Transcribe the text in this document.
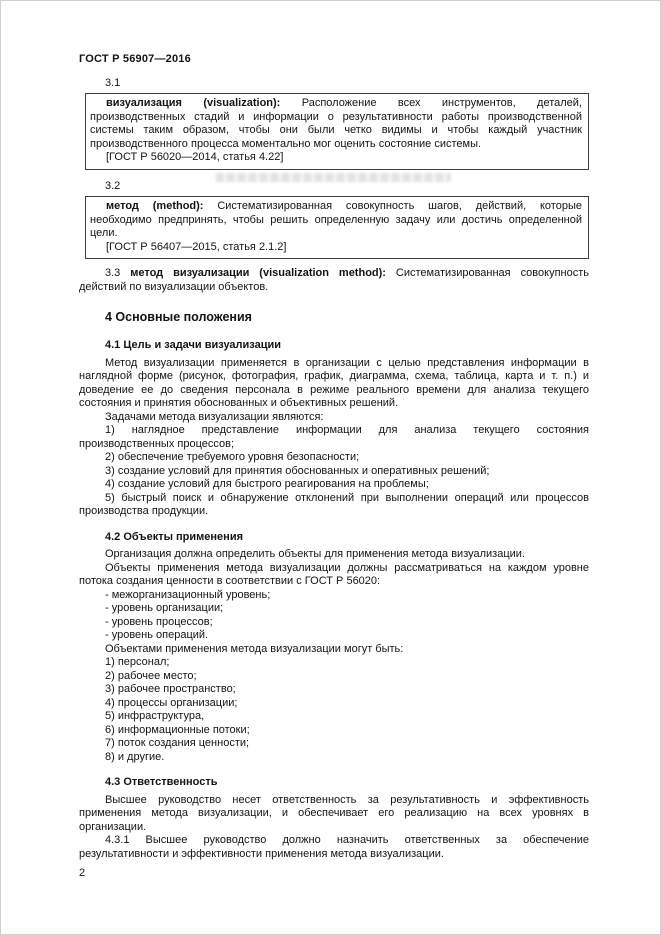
ГОСТ Р 56907—2016

3.1

визуализация (visualization): Расположение всех инструментов, деталей, производственных стадий и информации о результативности работы производственной системы таким образом, чтобы они были четко видимы и чтобы каждый участник производственного процесса моментально мог оценить состояние системы.

[ГОСТ Р 56020—2014, статья 4.22]

3.2

метод (method): Систематизированная совокупность шагов, действий, которые необходимо предпринять, чтобы решить определенную задачу или достичь определенной цели.

[ГОСТ Р 56407—2015, статья 2.1.2]

3.3 метод визуализации (visualization method): Систематизированная совокупность действий по визуализации объектов.

4 Основные положения
4.1 Цель и задачи визуализации

Метод визуализации применяется в организации с целью представления информации в наглядной форме (рисунок, фотография, график, диаграмма, схема, таблица, карта и т. п.) и доведение ее до сведения персонала в режиме реального времени для анализа текущего состояния и принятия обоснованных и объективных решений.

Задачами метода визуализации являются:

1) наглядное представление информации для анализа текущего состояния производственных процессов;

2) обеспечение требуемого уровня безопасности;

3) создание условий для принятия обоснованных и оперативных решений;

4) создание условий для быстрого реагирования на проблемы;

5) быстрый поиск и обнаружение отклонений при выполнении операций или процессов производства продукции.

4.2 Объекты применения

Организация должна определить объекты для применения метода визуализации.

Объекты применения метода визуализации должны рассматриваться на каждом уровне потока создания ценности в соответствии с ГОСТ Р 56020:

- межорганизационный уровень;

- уровень организации;

- уровень процессов;

- уровень операций.

Объектами применения метода визуализации могут быть:

1) персонал;

2) рабочее место;

3) рабочее пространство;

4) процессы организации;

5) инфраструктура,

6) информационные потоки;

7) поток создания ценности;

8) и другие.

4.3 Ответственность

Высшее руководство несет ответственность за результативность и эффективность применения метода визуализации, и обеспечивает его реализацию на всех уровнях в организации.

4.3.1 Высшее руководство должно назначить ответственных за обеспечение результативности и эффективности применения метода визуализации.

2
